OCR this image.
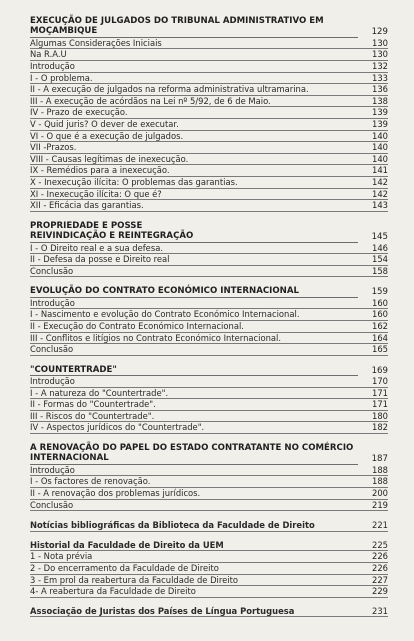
EXECUÇÃO DE JULGADOS DO TRIBUNAL ADMINISTRATIVO EM
MOÇAMBIQUE	129
Algumas Considerações Iniciais	130
Na R.A.U	130
Introdução	132
I - O problema.	133
II - A execução de julgados na reforma administrativa ultramarina.	136
III - A execução de acórdãos na Lei nº 5/92, de 6 de Maio.	138
IV - Prazo de execução.	139
V - Quid juris? O dever de executar.	139
VI - O que é a execução de julgados.	140
VII -Prazos.	140
VIII - Causas legítimas de inexecução.	140
IX - Remédios para a inexecução.	141
X - Inexecução ilícita: O problemas das garantias.	142
XI - Inexecução ilícita: O que é?	142
XII - Eficácia das garantias.	143
PROPRIEDADE E POSSE
REIVINDICAÇÃO E REINTEGRAÇÃO	145
I - O Direito real e a sua defesa.	146
II - Defesa da posse e Direito real	154
Conclusão	158
EVOLUÇÃO DO CONTRATO ECONÓMICO INTERNACIONAL	159
Introdução	160
I - Nascimento e evolução do Contrato Económico Internacional.	160
II - Execução do Contrato Económico Internacional.	162
III - Conflitos e litígios no Contrato Económico Internacional.	164
Conclusão	165
"COUNTERTRADE"	169
Introdução	170
I - A natureza do "Countertrade".	171
II - Formas do "Countertrade".	171
III - Riscos do "Countertrade".	180
IV - Aspectos jurídicos do "Countertrade".	182
A RENOVAÇÃO DO PAPEL DO ESTADO CONTRATANTE NO COMÉRCIO
INTERNACIONAL	187
Introdução	188
I - Os factores de renovação.	188
II - A renovação dos problemas jurídicos.	200
Conclusão	219
Notícias bibliográficas da Biblioteca da Faculdade de Direito	221
Historial da Faculdade de Direito da UEM	225
1 - Nota prévia	226
2 - Do encerramento da Faculdade de Direito	226
3 - Em prol da reabertura da Faculdade de Direito	227
4- A reabertura da Faculdade de Direito	229
Associação de Juristas dos Países de Língua Portuguesa	231
